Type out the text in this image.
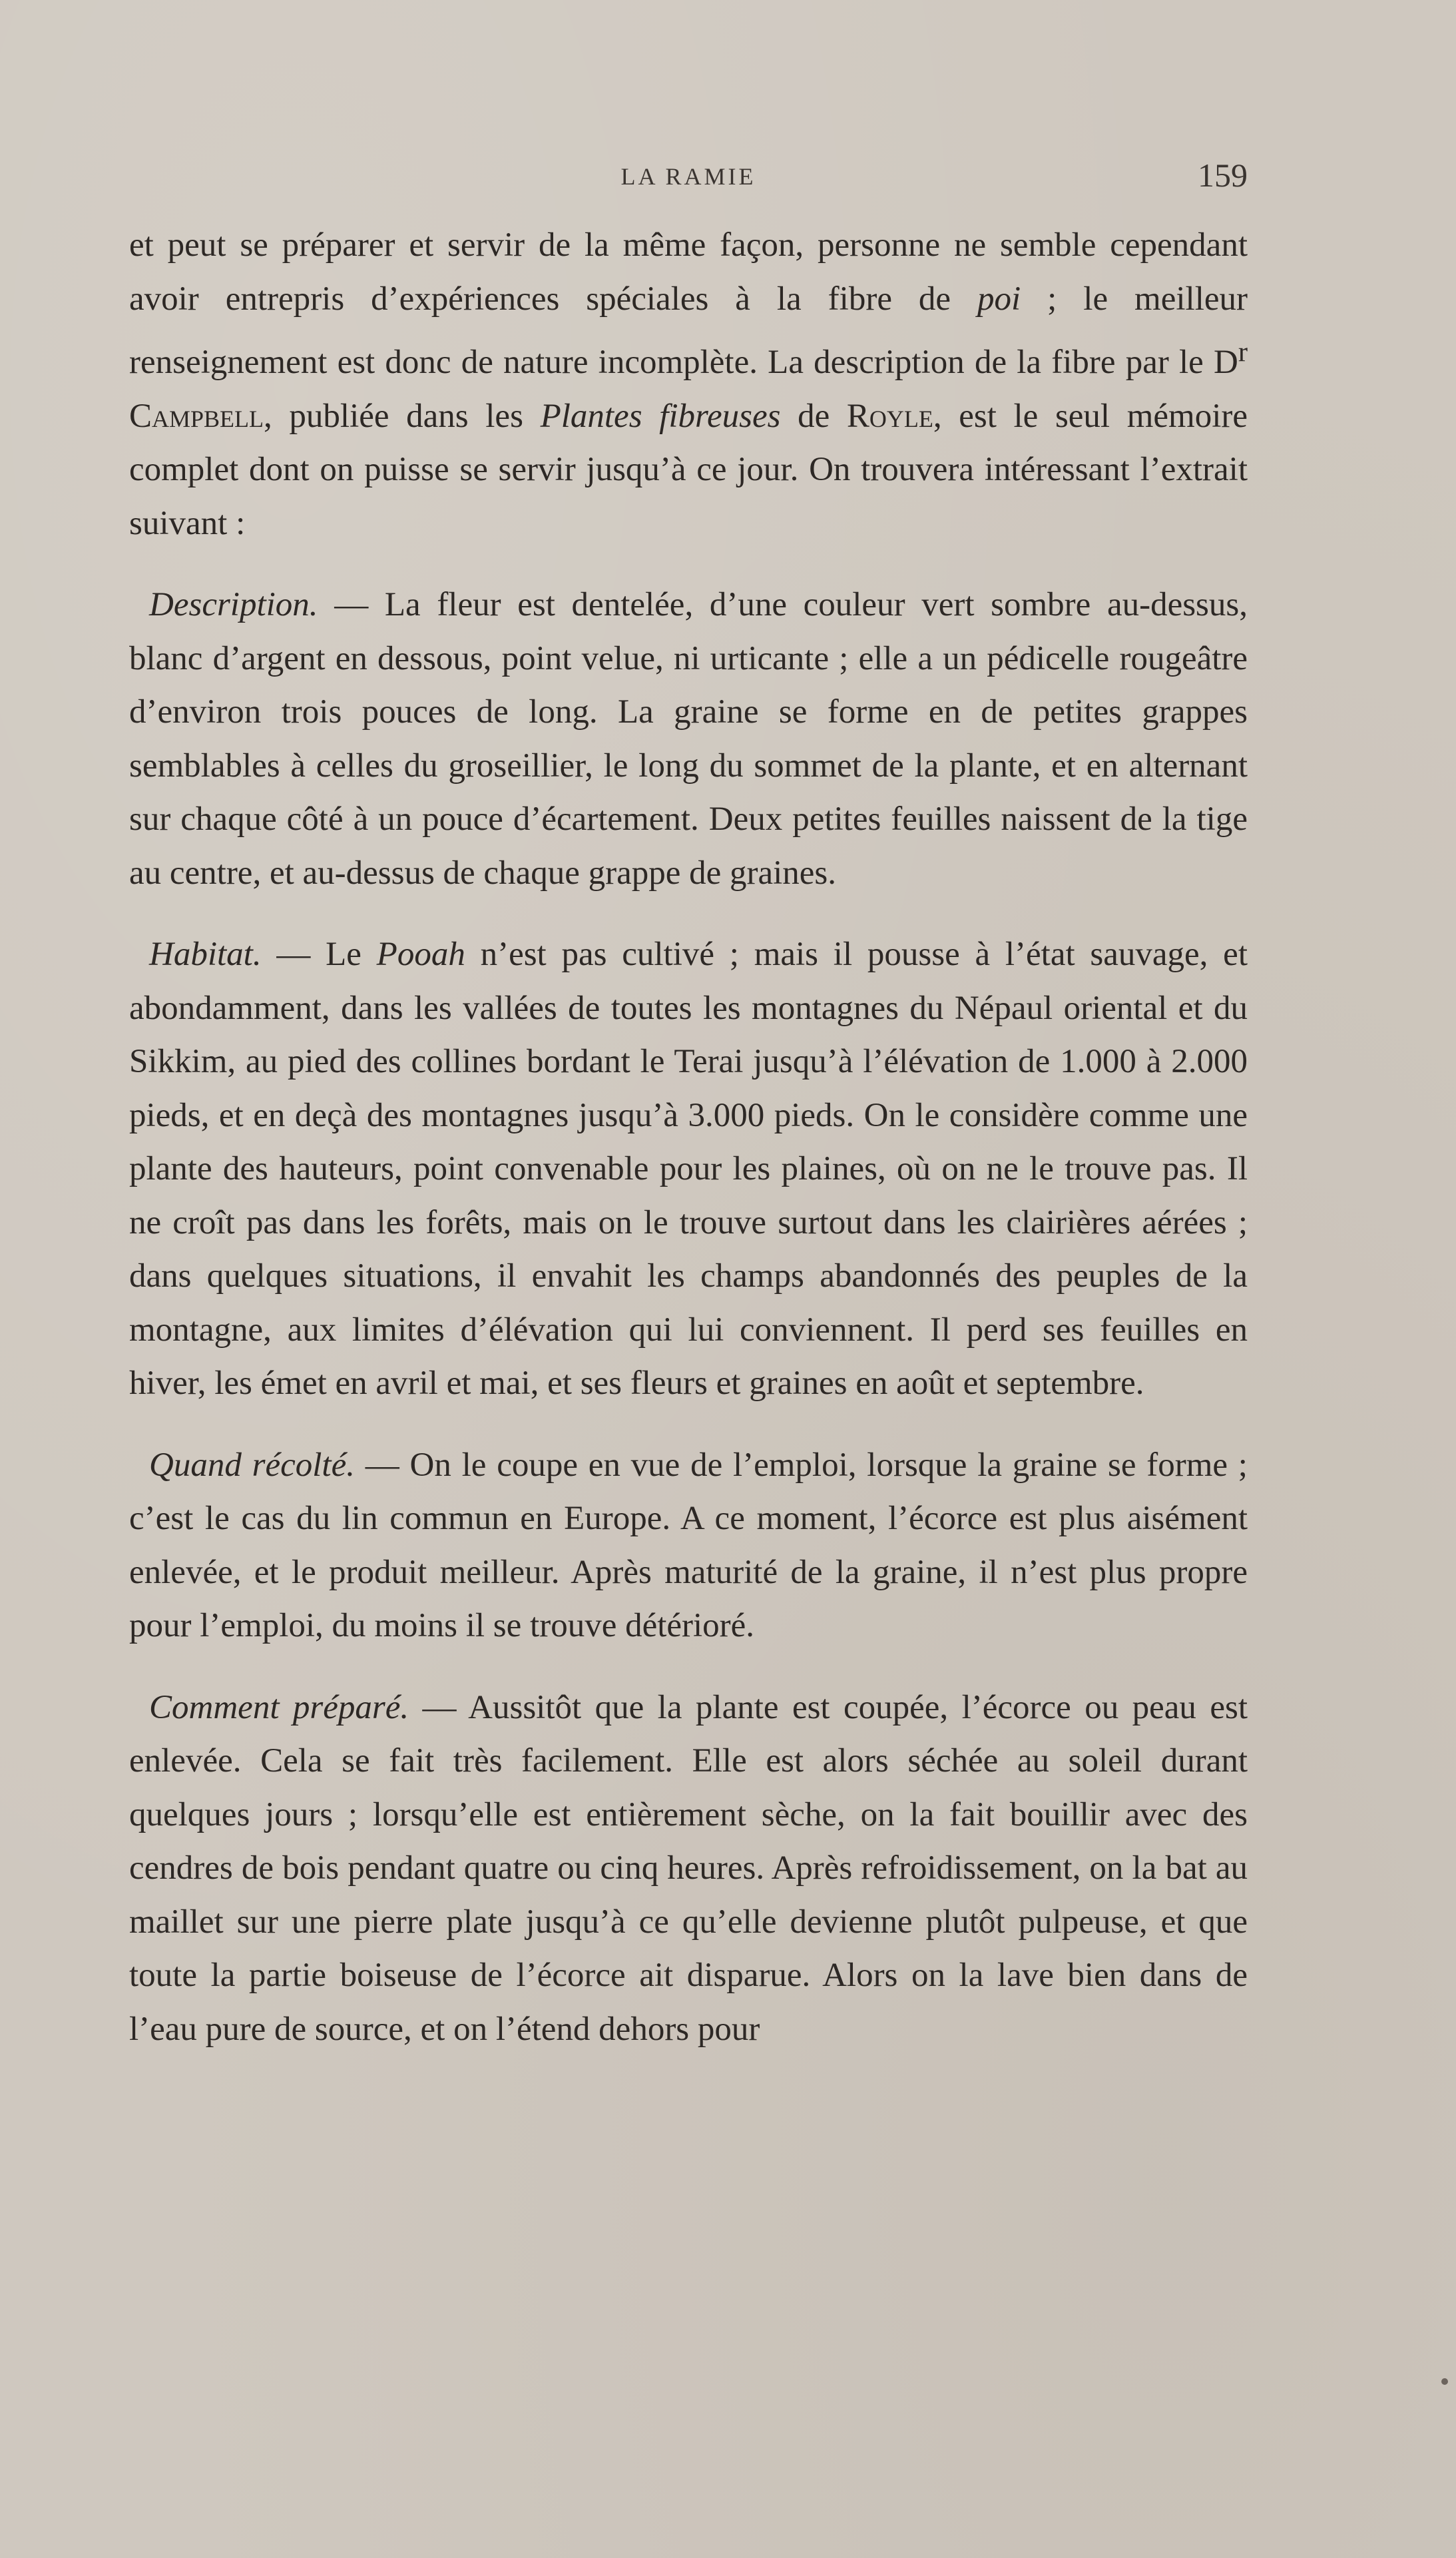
LA RAMIE	159

et peut se préparer et servir de la même façon, personne ne semble cependant avoir entrepris d’expériences spéciales à la fibre de poi ; le meilleur renseignement est donc de nature incomplète. La description de la fibre par le $D^r$ Campbell, publiée dans les Plantes fibreuses de Royle, est le seul mémoire complet dont on puisse se servir jusqu’à ce jour. On trouvera intéressant l’extrait suivant :

Description. — La fleur est dentelée, d’une couleur vert sombre au-dessus, blanc d’argent en dessous, point velue, ni urticante ; elle a un pédicelle rougeâtre d’environ trois pouces de long. La graine se forme en de petites grappes semblables à celles du groseillier, le long du sommet de la plante, et en alternant sur chaque côté à un pouce d’écartement. Deux petites feuilles naissent de la tige au centre, et au-dessus de chaque grappe de graines.

Habitat. — Le Pooah n’est pas cultivé ; mais il pousse à l’état sauvage, et abondamment, dans les vallées de toutes les montagnes du Népaul oriental et du Sikkim, au pied des collines bordant le Terai jusqu’à l’élévation de 1.000 à 2.000 pieds, et en deçà des montagnes jusqu’à 3.000 pieds. On le considère comme une plante des hauteurs, point convenable pour les plaines, où on ne le trouve pas. Il ne croît pas dans les forêts, mais on le trouve surtout dans les clairières aérées ; dans quelques situations, il envahit les champs abandonnés des peuples de la montagne, aux limites d’élévation qui lui conviennent. Il perd ses feuilles en hiver, les émet en avril et mai, et ses fleurs et graines en août et septembre.

Quand récolté. — On le coupe en vue de l’emploi, lorsque la graine se forme ; c’est le cas du lin commun en Europe. A ce moment, l’écorce est plus aisément enlevée, et le produit meilleur. Après maturité de la graine, il n’est plus propre pour l’emploi, du moins il se trouve détérioré.

Comment préparé. — Aussitôt que la plante est coupée, l’écorce ou peau est enlevée. Cela se fait très facilement. Elle est alors séchée au soleil durant quelques jours ; lorsqu’elle est entièrement sèche, on la fait bouillir avec des cendres de bois pendant quatre ou cinq heures. Après refroidissement, on la bat au maillet sur une pierre plate jusqu’à ce qu’elle devienne plutôt pulpeuse, et que toute la partie boiseuse de l’écorce ait disparue. Alors on la lave bien dans de l’eau pure de source, et on l’étend dehors pour
